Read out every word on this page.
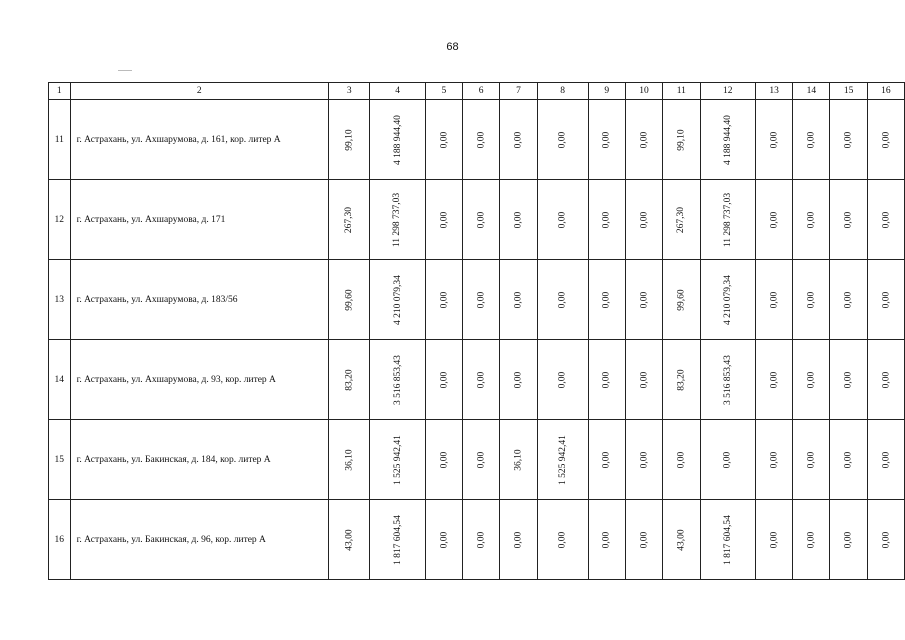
68
1	2	3	4	5	6	7	8	9	10	11	12	13	14	15	16
11	г. Астрахань, ул. Ахшарумова, д. 161, кор. литер А	99,10	4 188 944,40	0,00	0,00	0,00	0,00	0,00	0,00	99,10	4 188 944,40	0,00	0,00	0,00	0,00
12	г. Астрахань, ул. Ахшарумова, д. 171	267,30	11 298 737,03	0,00	0,00	0,00	0,00	0,00	0,00	267,30	11 298 737,03	0,00	0,00	0,00	0,00
13	г. Астрахань, ул. Ахшарумова, д. 183/56	99,60	4 210 079,34	0,00	0,00	0,00	0,00	0,00	0,00	99,60	4 210 079,34	0,00	0,00	0,00	0,00
14	г. Астрахань, ул. Ахшарумова, д. 93, кор. литер А	83,20	3 516 853,43	0,00	0,00	0,00	0,00	0,00	0,00	83,20	3 516 853,43	0,00	0,00	0,00	0,00
15	г. Астрахань, ул. Бакинская, д. 184, кор. литер А	36,10	1 525 942,41	0,00	0,00	36,10	1 525 942,41	0,00	0,00	0,00	0,00	0,00	0,00	0,00	0,00
16	г. Астрахань, ул. Бакинская, д. 96, кор. литер А	43,00	1 817 604,54	0,00	0,00	0,00	0,00	0,00	0,00	43,00	1 817 604,54	0,00	0,00	0,00	0,00
